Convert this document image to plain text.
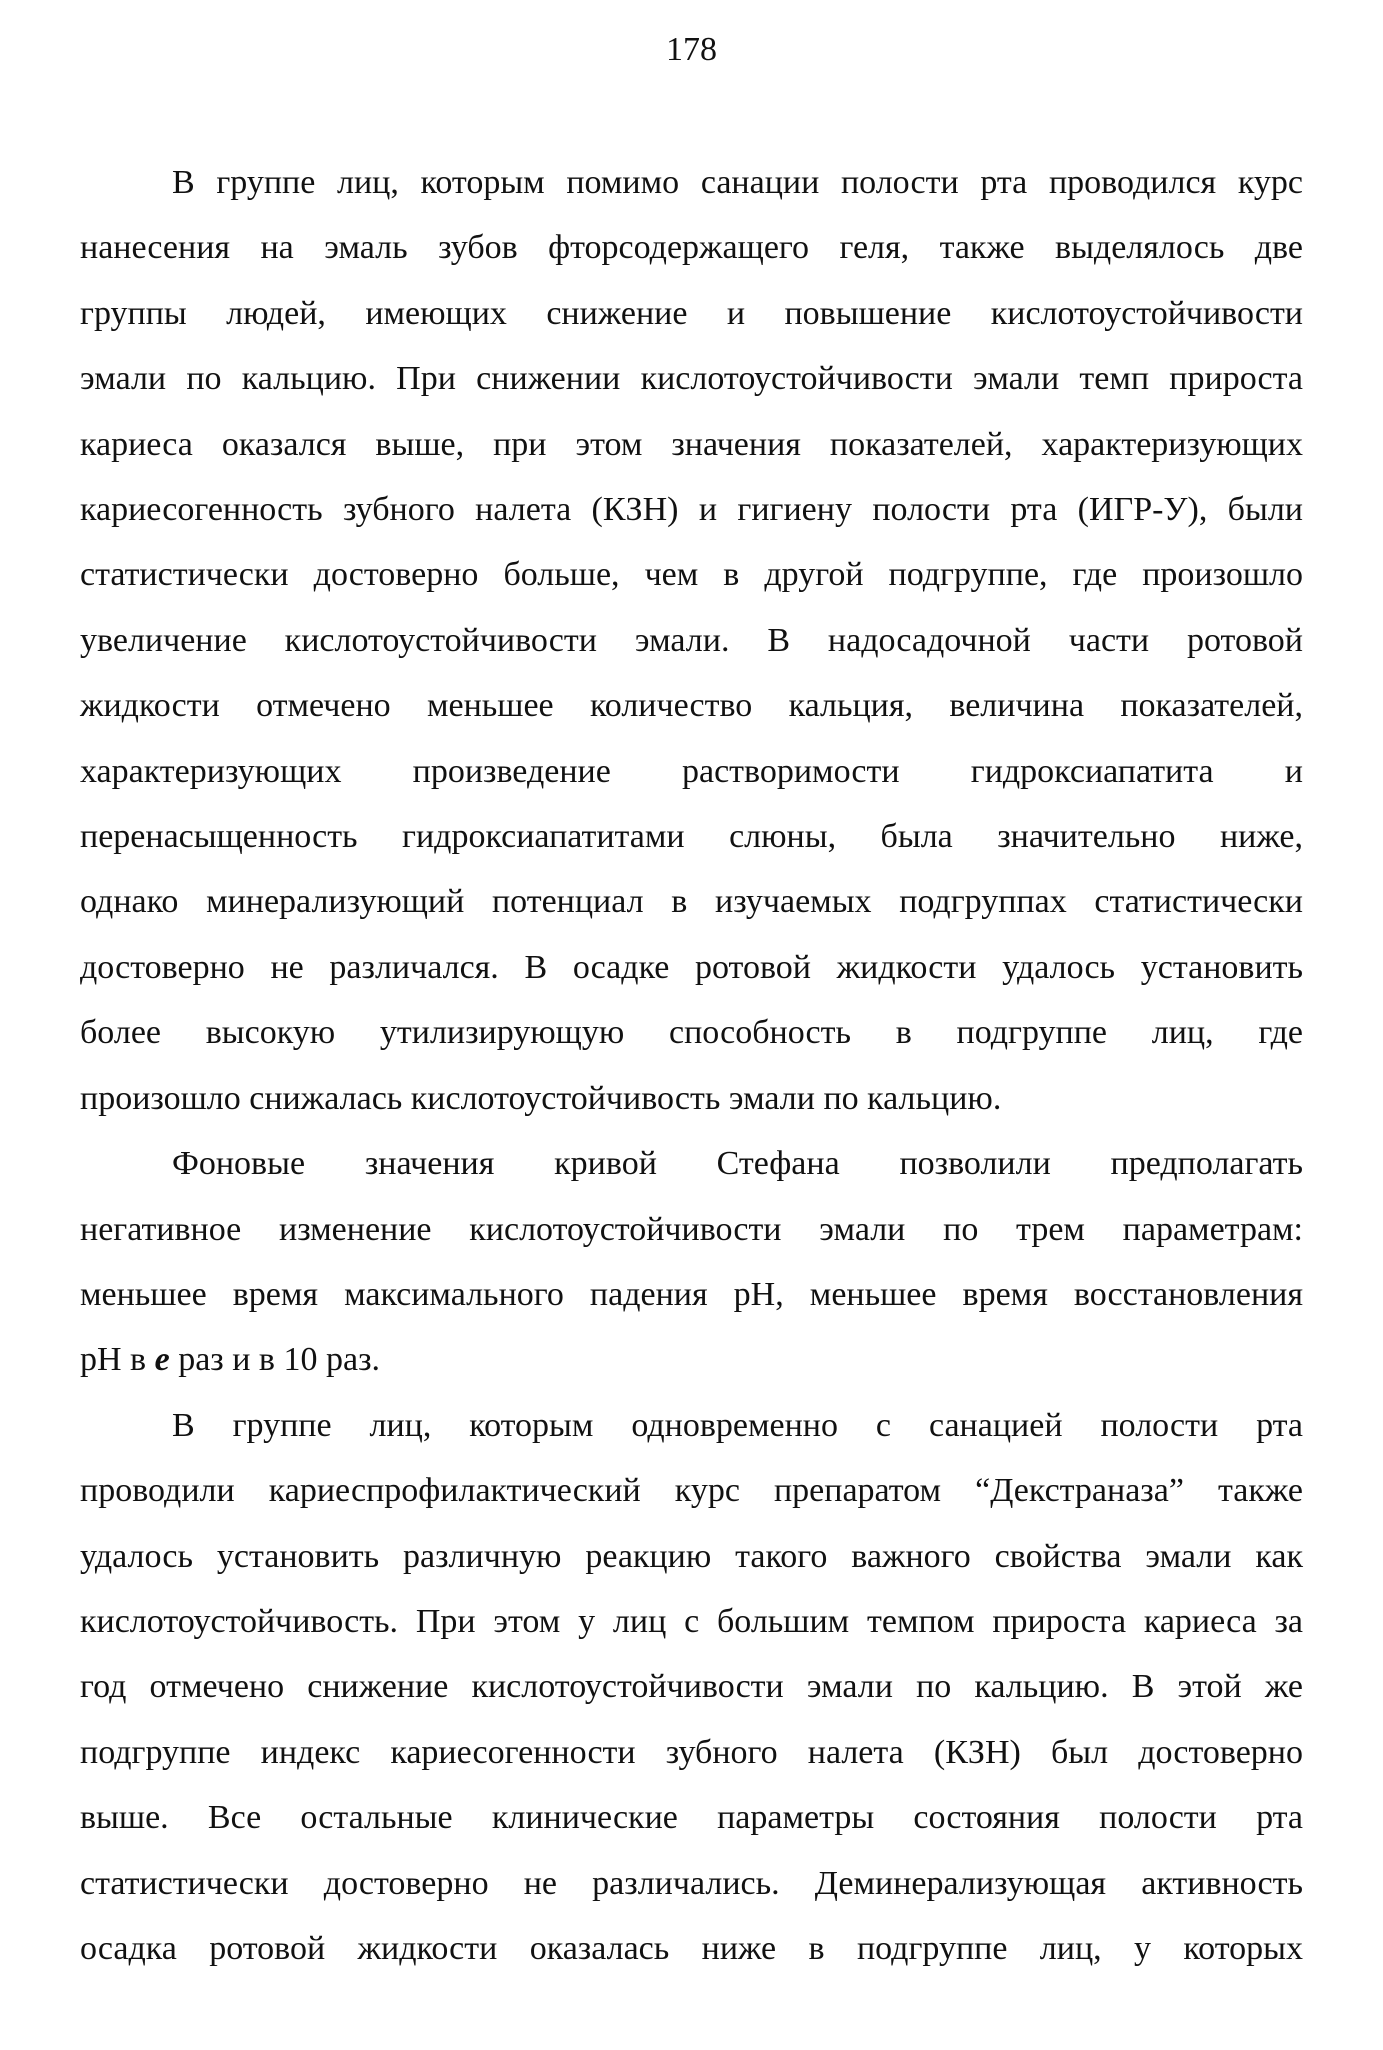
178
В группе лиц, которым помимо санации полости рта проводился курс
нанесения на эмаль зубов фторсодержащего геля, также выделялось две
группы людей, имеющих снижение и повышение кислотоустойчивости
эмали по кальцию. При снижении кислотоустойчивости эмали темп прироста
кариеса оказался выше, при этом значения показателей, характеризующих
кариесогенность зубного налета (КЗН) и гигиену полости рта (ИГР-У), были
статистически достоверно больше, чем в другой подгруппе, где произошло
увеличение кислотоустойчивости эмали. В надосадочной части ротовой
жидкости отмечено меньшее количество кальция, величина показателей,
характеризующих произведение растворимости гидроксиапатита и
перенасыщенность гидроксиапатитами слюны, была значительно ниже,
однако минерализующий потенциал в изучаемых подгруппах статистически
достоверно не различался. В осадке ротовой жидкости удалось установить
более высокую утилизирующую способность в подгруппе лиц, где
произошло снижалась кислотоустойчивость эмали по кальцию.
Фоновые значения кривой Стефана позволили предполагать
негативное изменение кислотоустойчивости эмали по трем параметрам:
меньшее время максимального падения рН, меньшее время восстановления
рН в e раз и в 10 раз.
В группе лиц, которым одновременно с санацией полости рта
проводили кариеспрофилактический курс препаратом “Декстраназа” также
удалось установить различную реакцию такого важного свойства эмали как
кислотоустойчивость. При этом у лиц с большим темпом прироста кариеса за
год отмечено снижение кислотоустойчивости эмали по кальцию. В этой же
подгруппе индекс кариесогенности зубного налета (КЗН) был достоверно
выше. Все остальные клинические параметры состояния полости рта
статистически достоверно не различались. Деминерализующая активность
осадка ротовой жидкости оказалась ниже в подгруппе лиц, у которых
